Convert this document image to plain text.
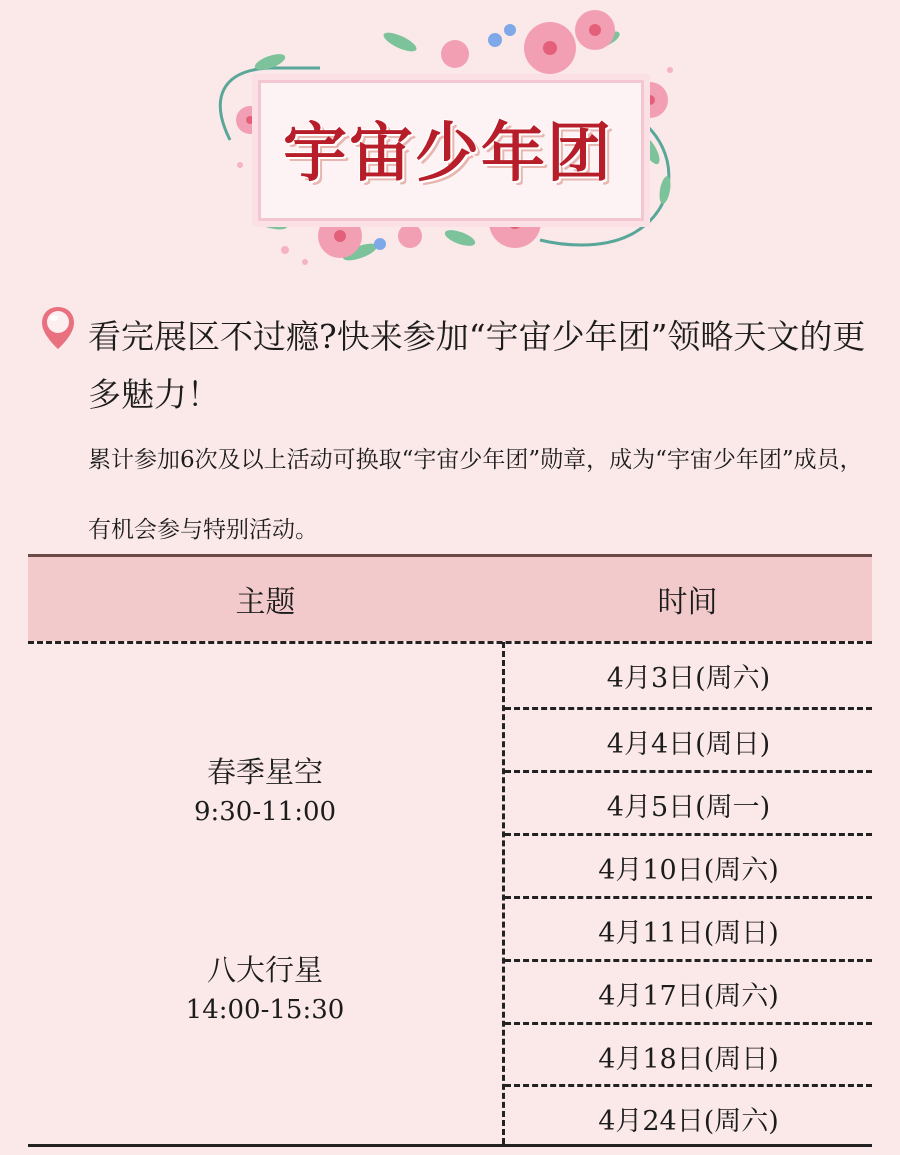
宇宙少年团
看完展区不过瘾?快来参加“宇宙少年团”领略天文的更多魅力！
累计参加6次及以上活动可换取“宇宙少年团”勋章，成为“宇宙少年团”成员，有机会参与特别活动。
主题	时间
春季星空
9:30-11:00
八大行星
14:00-15:30
4月3日(周六)
4月4日(周日)
4月5日(周一)
4月10日(周六)
4月11日(周日)
4月17日(周六)
4月18日(周日)
4月24日(周六)
